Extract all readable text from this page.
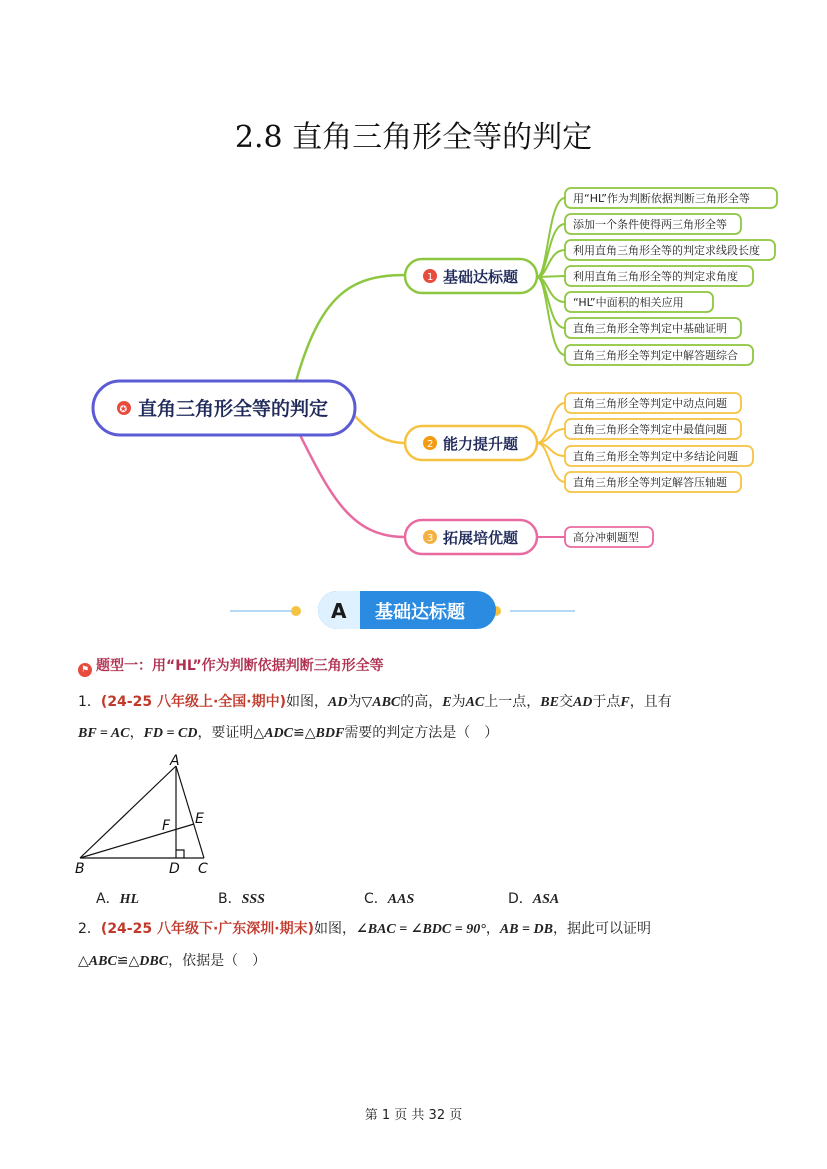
2.8 直角三角形全等的判定
✪ 直角三角形全等的判定
1 基础达标题
2 能力提升题
3 拓展培优题
用“HL”作为判断依据判断三角形全等
添加一个条件使得两三角形全等
利用直角三角形全等的判定求线段长度
利用直角三角形全等的判定求角度
“HL”中面积的相关应用
直角三角形全等判定中基础证明
直角三角形全等判定中解答题综合
直角三角形全等判定中动点问题
直角三角形全等判定中最值问题
直角三角形全等判定中多结论问题
直角三角形全等判定解答压轴题
高分冲刺题型
A 基础达标题
⚑ 题型一：用“HL”作为判断依据判断三角形全等
1．(24-25 八年级上·全国·期中)如图，AD为▽ABC的高，E为AC上一点，BE交AD于点F，且有
BF = AC，FD = CD，要证明△ADC≌△BDF需要的判定方法是（　）
A
B	C
D
E
F
A．HL	B．SSS	C．AAS	D．ASA
2．(24-25 八年级下·广东深圳·期末)如图，∠BAC = ∠BDC = 90°，AB = DB，据此可以证明
△ABC≌△DBC，依据是（　）
第 1 页 共 32 页
